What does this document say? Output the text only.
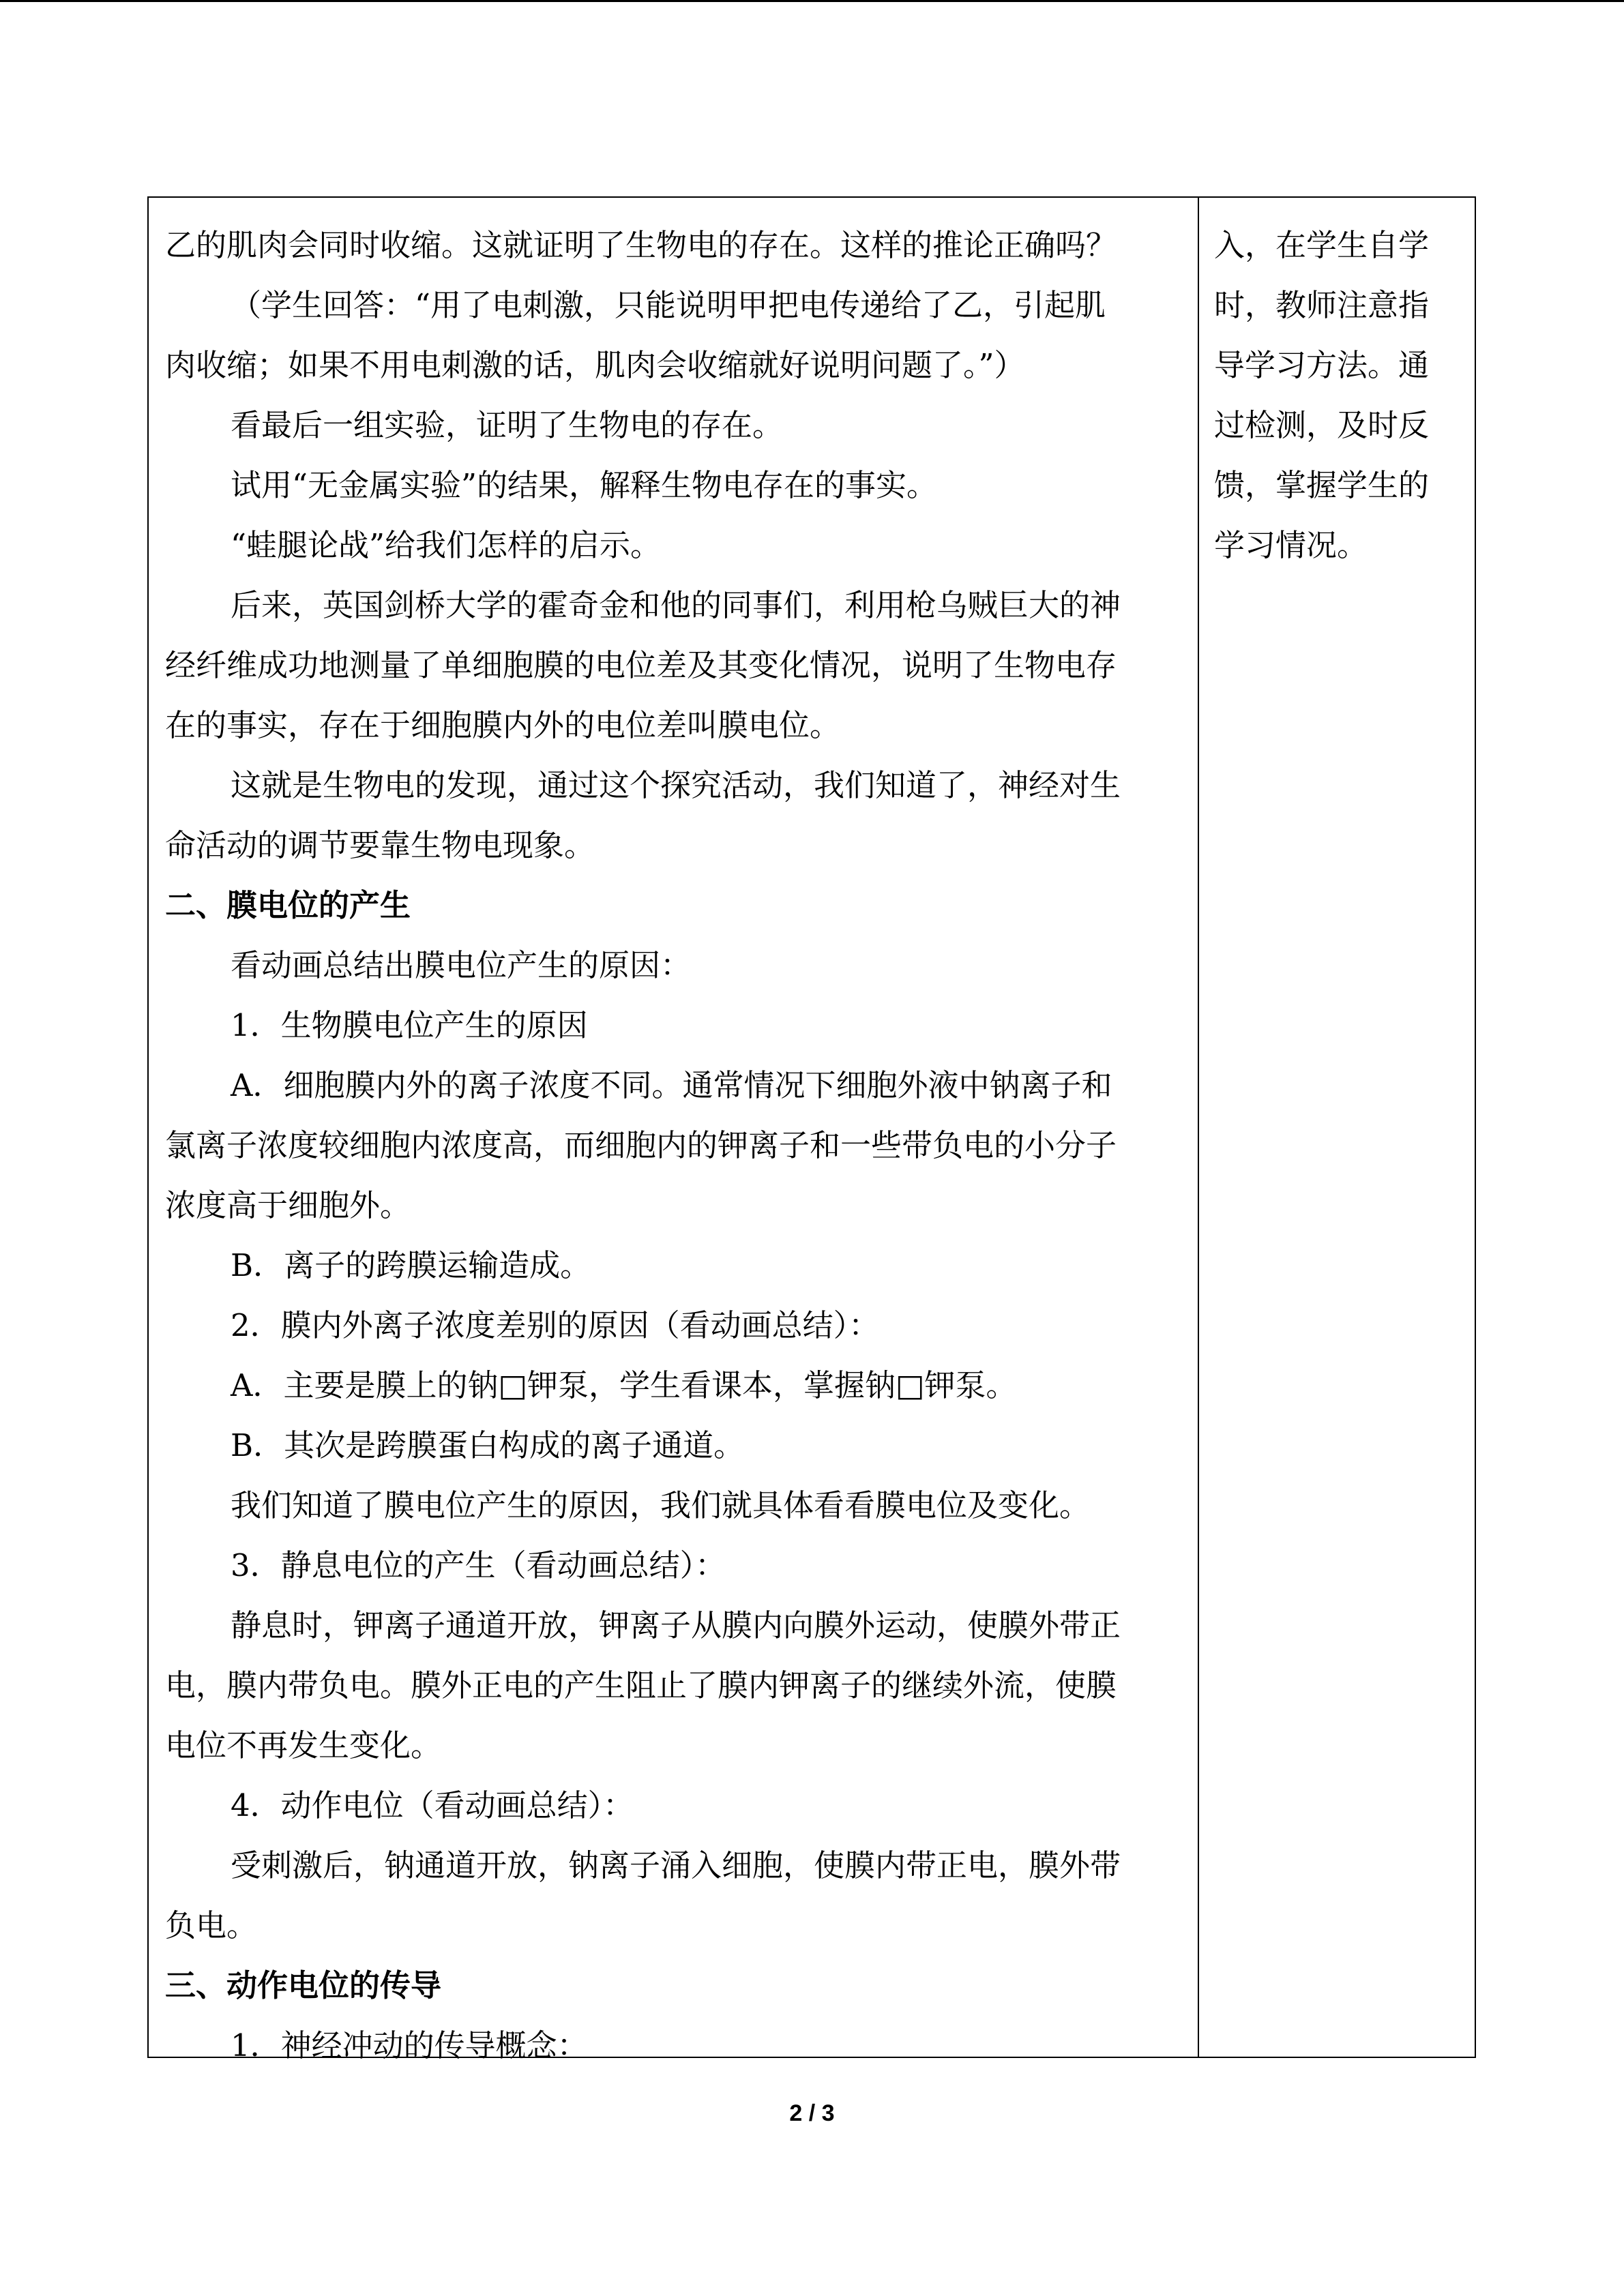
乙的肌肉会同时收缩。这就证明了生物电的存在。这样的推论正确吗？
（学生回答：“用了电刺激，只能说明甲把电传递给了乙，引起肌
肉收缩；如果不用电刺激的话，肌肉会收缩就好说明问题了。”）
看最后一组实验，证明了生物电的存在。
试用“无金属实验”的结果，解释生物电存在的事实。
“蛙腿论战”给我们怎样的启示。
后来，英国剑桥大学的霍奇金和他的同事们，利用枪乌贼巨大的神
经纤维成功地测量了单细胞膜的电位差及其变化情况，说明了生物电存
在的事实，存在于细胞膜内外的电位差叫膜电位。
这就是生物电的发现，通过这个探究活动，我们知道了，神经对生
命活动的调节要靠生物电现象。
二、膜电位的产生
看动画总结出膜电位产生的原因：
1．生物膜电位产生的原因
A．细胞膜内外的离子浓度不同。通常情况下细胞外液中钠离子和
氯离子浓度较细胞内浓度高，而细胞内的钾离子和一些带负电的小分子
浓度高于细胞外。
B．离子的跨膜运输造成。
2．膜内外离子浓度差别的原因（看动画总结）：
A．主要是膜上的钠□钾泵，学生看课本，掌握钠□钾泵。
B．其次是跨膜蛋白构成的离子通道。
我们知道了膜电位产生的原因，我们就具体看看膜电位及变化。
3．静息电位的产生（看动画总结）：
静息时，钾离子通道开放，钾离子从膜内向膜外运动，使膜外带正
电，膜内带负电。膜外正电的产生阻止了膜内钾离子的继续外流，使膜
电位不再发生变化。
4．动作电位（看动画总结）：
受刺激后，钠通道开放，钠离子涌入细胞，使膜内带正电，膜外带
负电。
三、动作电位的传导
1．神经冲动的传导概念：
入，在学生自学
时，教师注意指
导学习方法。通
过检测，及时反
馈，掌握学生的
学习情况。
2 / 3
